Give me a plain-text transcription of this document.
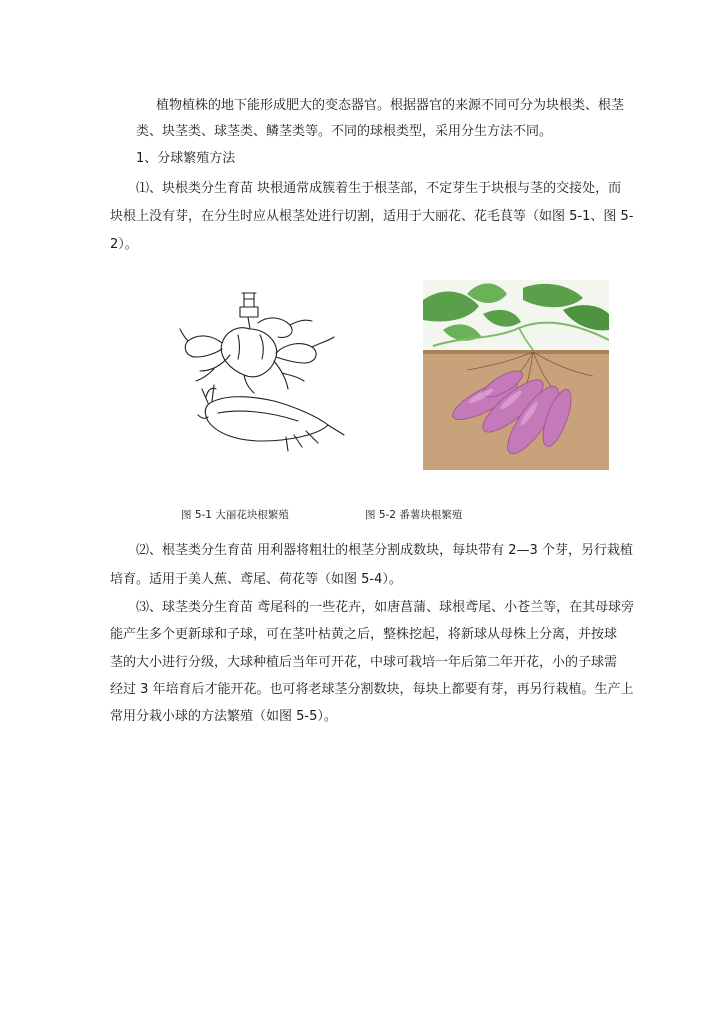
植物植株的地下能形成肥大的变态器官。根据器官的来源不同可分为块根类、根茎
类、块茎类、球茎类、鳞茎类等。不同的球根类型，采用分生方法不同。
1、分球繁殖方法
⑴、块根类分生育苗 块根通常成簇着生于根茎部，不定芽生于块根与茎的交接处，而
块根上没有芽，在分生时应从根茎处进行切割，适用于大丽花、花毛茛等（如图 5-1、图 5-
2）。
图 5-1 大丽花块根繁殖	图 5-2 番薯块根繁殖
⑵、根茎类分生育苗 用利器将粗壮的根茎分割成数块，每块带有 2—3 个芽，另行栽植
培育。适用于美人蕉、鸢尾、荷花等（如图 5-4）。
⑶、球茎类分生育苗 鸢尾科的一些花卉，如唐菖蒲、球根鸢尾、小苍兰等，在其母球旁
能产生多个更新球和子球，可在茎叶枯黄之后，整株挖起，将新球从母株上分离，并按球
茎的大小进行分级，大球种植后当年可开花，中球可栽培一年后第二年开花，小的子球需
经过 3 年培育后才能开花。也可将老球茎分割数块，每块上都要有芽，再另行栽植。生产上
常用分栽小球的方法繁殖（如图 5-5）。
